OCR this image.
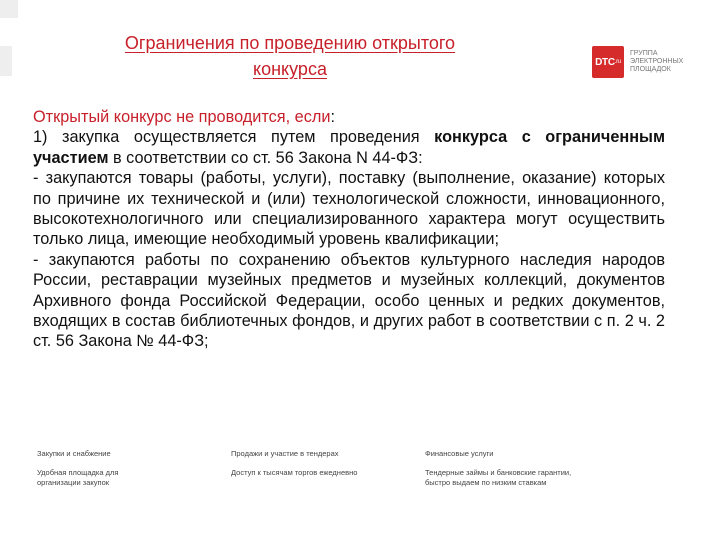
Ограничения по проведению открытого
конкурса	DTC .ru
ГРУППА
ЭЛЕКТРОННЫХ
ПЛОЩАДОК

Открытый конкурс не проводится, если:

1) закупка осуществляется путем проведения конкурса с ограниченным участием в соответствии со ст. 56 Закона N 44-ФЗ:

- закупаются товары (работы, услуги), поставку (выполнение, оказание) которых по причине их технической и (или) технологической сложности, инновационного, высокотехнологичного или специализированного характера могут осуществить только лица, имеющие необходимый уровень квалификации;

- закупаются работы по сохранению объектов культурного наследия народов России, реставрации музейных предметов и музейных коллекций, документов Архивного фонда Российской Федерации, особо ценных и редких документов, входящих в состав библиотечных фондов, и других работ в соответствии с п. 2 ч. 2 ст. 56 Закона № 44-ФЗ;

Закупки и снабжение
Удобная площадка для
организации закупок
Продажи и участие в тендерах
Доступ к тысячам торгов ежедневно
Финансовые услуги
Тендерные займы и банковские гарантии,
быстро выдаем по низким ставкам
